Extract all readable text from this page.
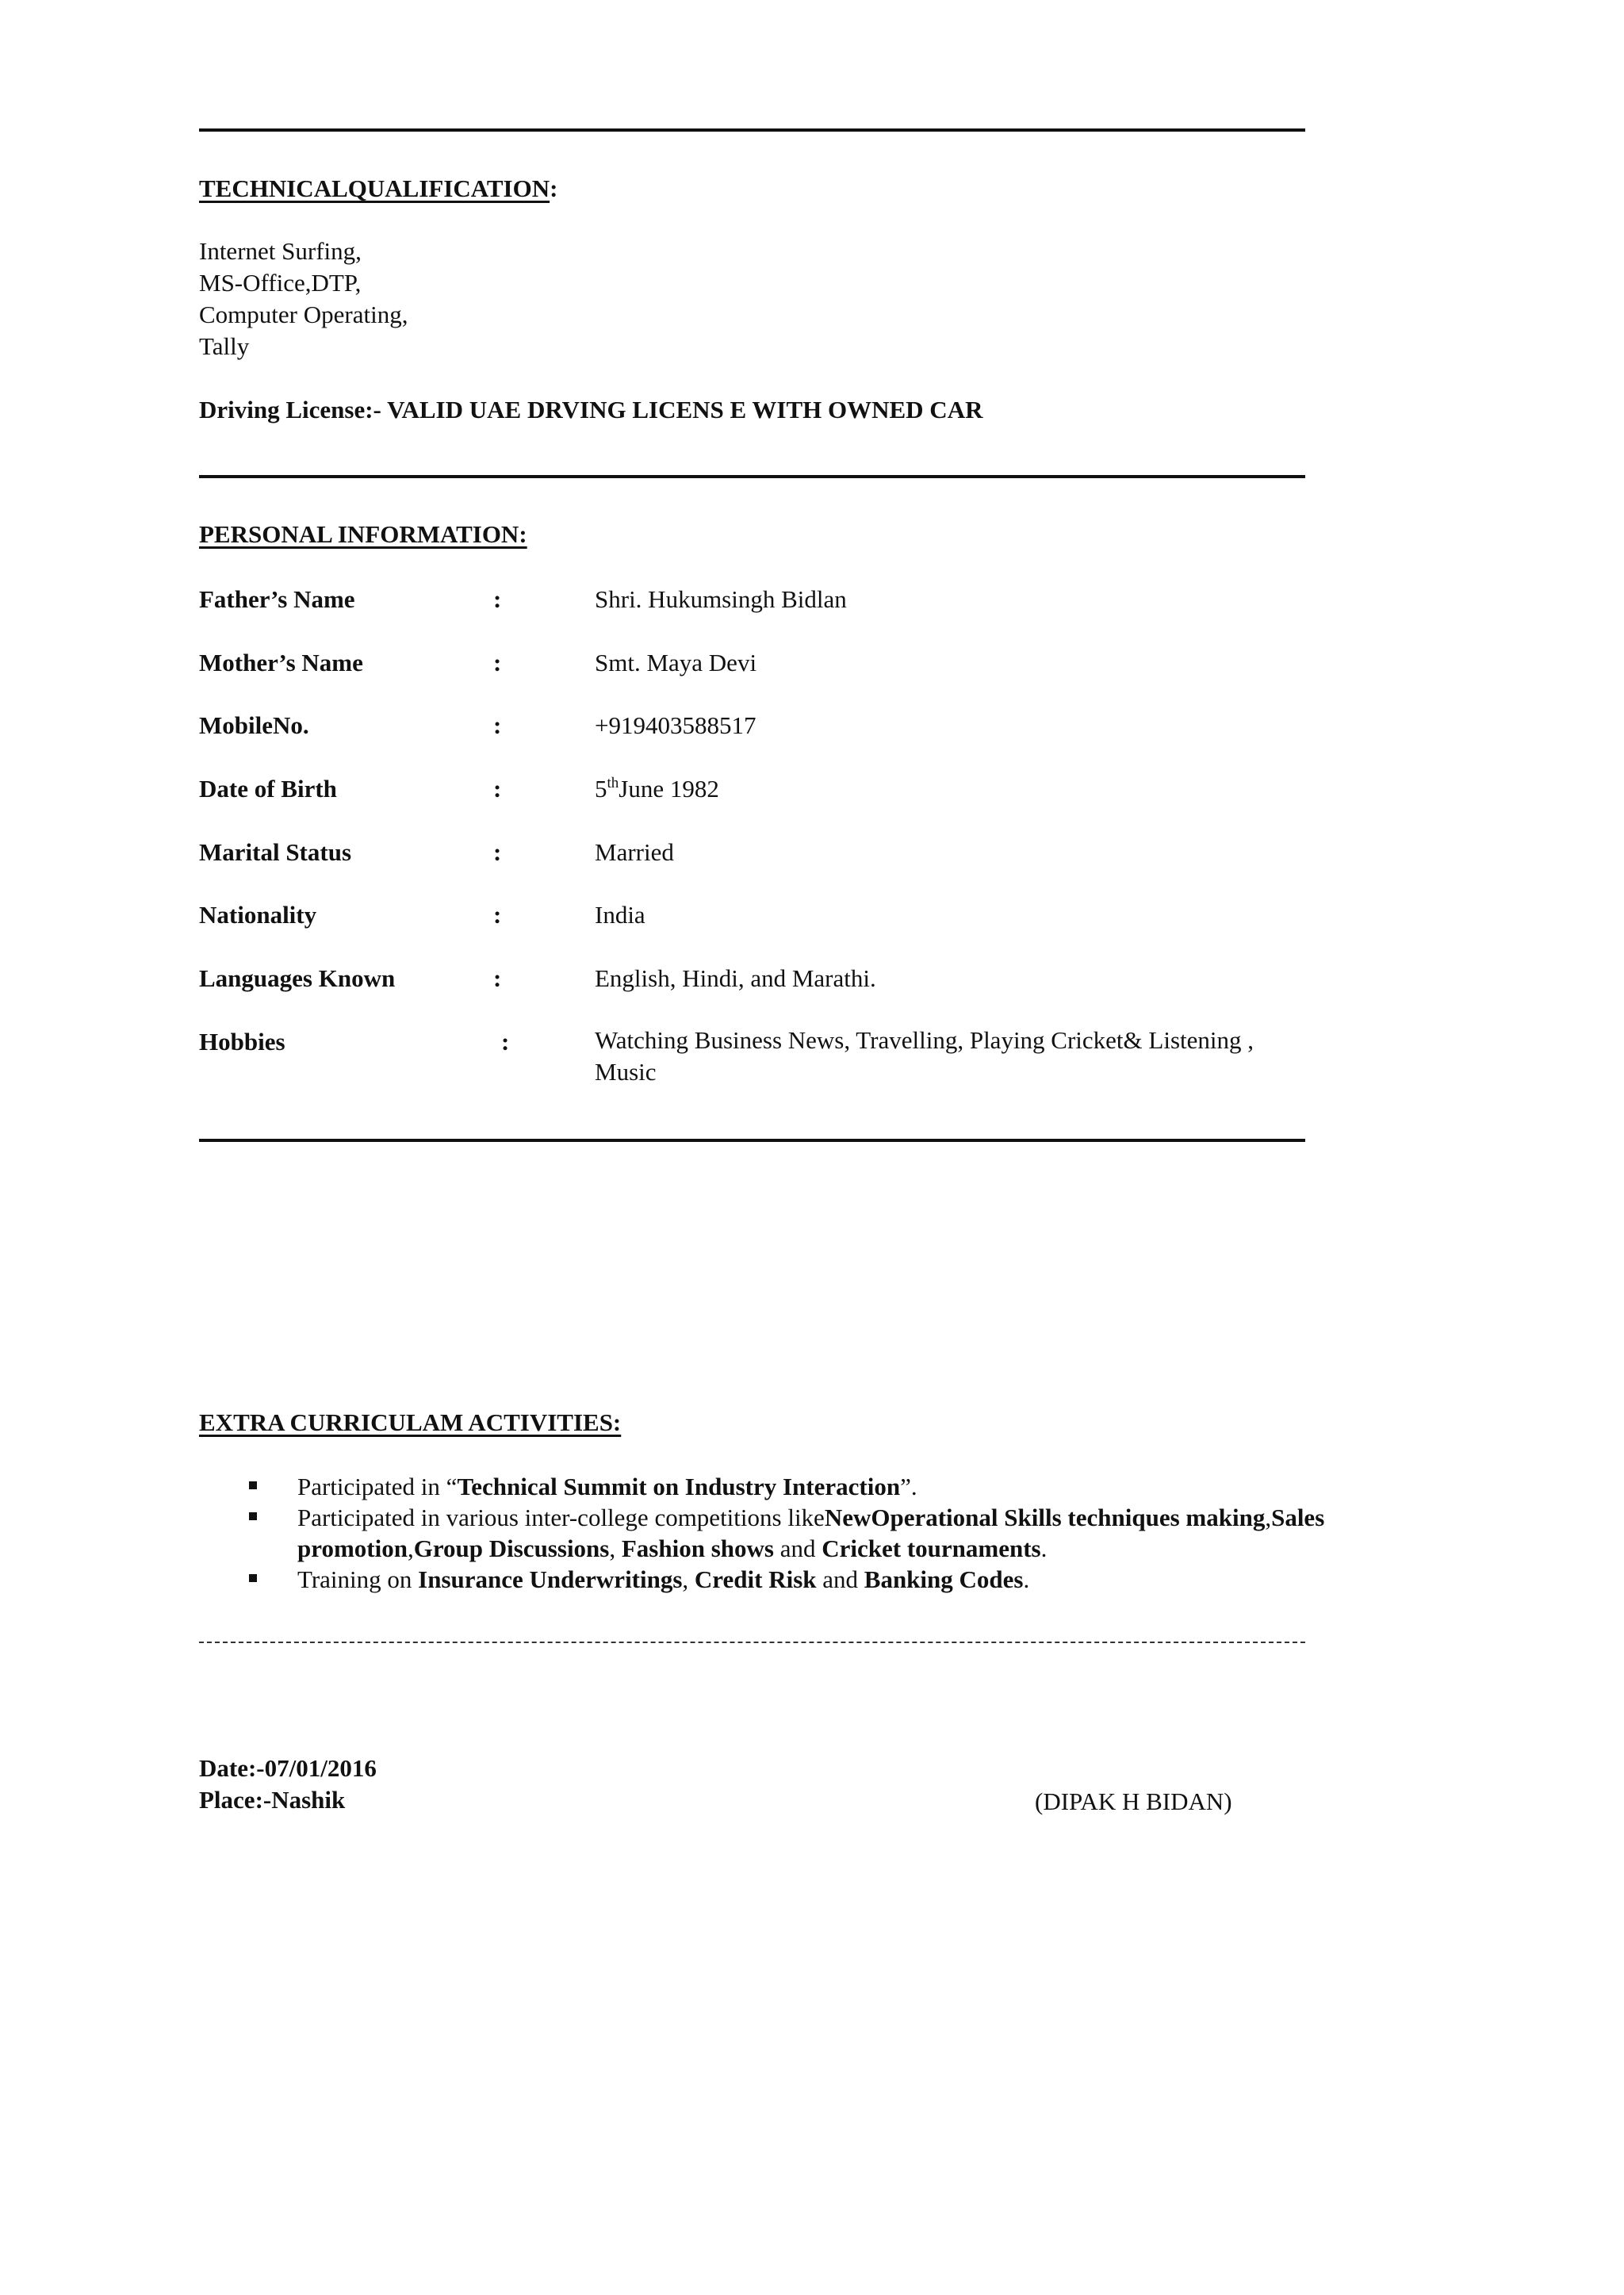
TECHNICALQUALIFICATION:
Internet Surfing,
MS-Office,DTP,
Computer Operating,
Tally
Driving License:- VALID UAE DRVING LICENS E WITH OWNED CAR
PERSONAL INFORMATION:
Father’s Name	:	Shri. Hukumsingh Bidlan
Mother’s Name	:	Smt. Maya Devi
MobileNo.	:	+919403588517
Date of Birth	:	5thJune 1982
Marital Status	:	Married
Nationality	:	India
Languages Known	:	English, Hindi, and Marathi.
Hobbies	:	Watching Business News, Travelling, Playing Cricket& Listening , Music
EXTRA CURRICULAM ACTIVITIES:
Participated in “Technical Summit on Industry Interaction”.
Participated in various inter-college competitions likeNewOperational Skills techniques making,Sales promotion,Group Discussions, Fashion shows and Cricket tournaments.
Training on Insurance Underwritings, Credit Risk and Banking Codes.
Date:-07/01/2016
Place:-Nashik	(DIPAK H BIDAN)
